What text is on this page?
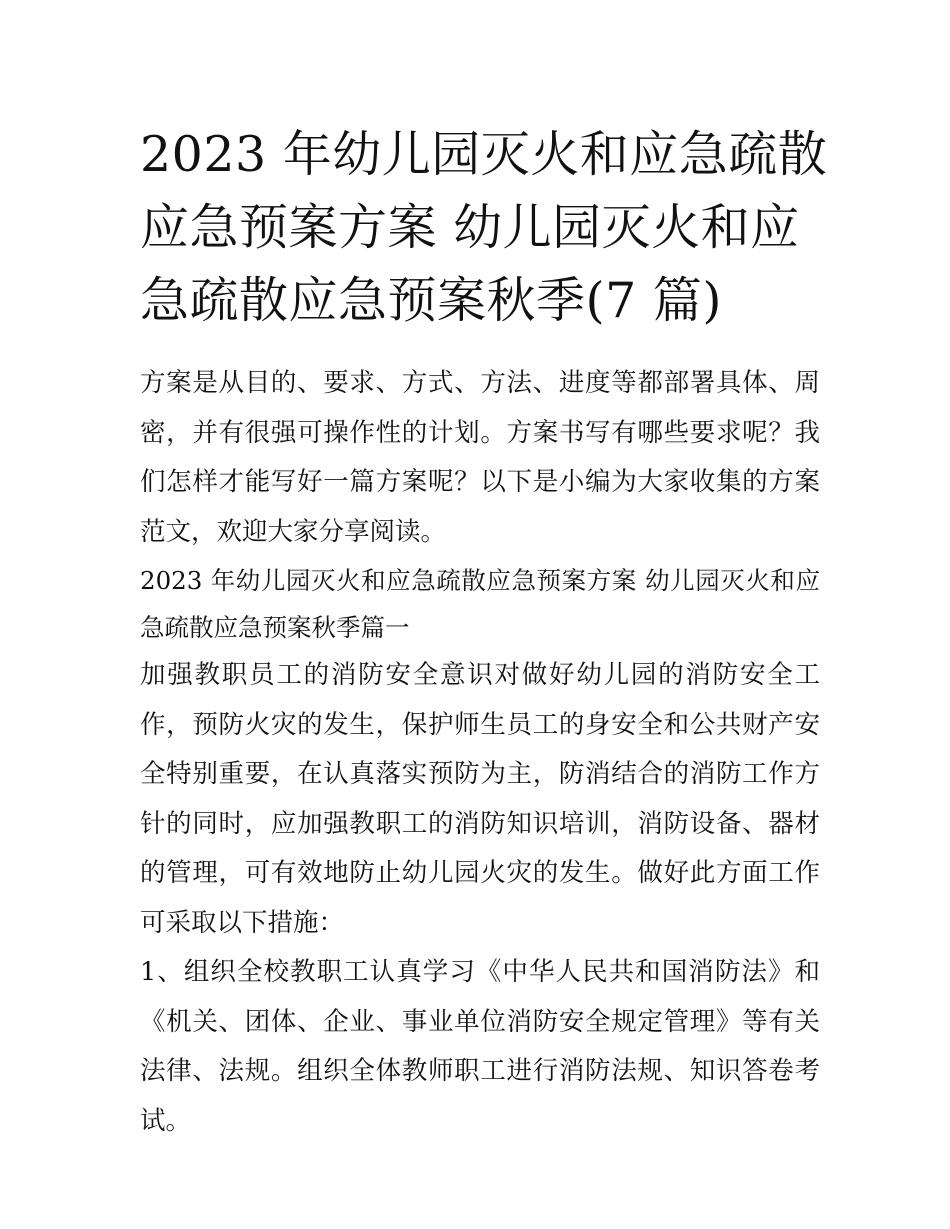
2023 年幼儿园灭火和应急疏散
应急预案方案 幼儿园灭火和应
急疏散应急预案秋季(7 篇)

方案是从目的、要求、方式、方法、进度等都部署具体、周密，并有很强可操作性的计划。方案书写有哪些要求呢？我们怎样才能写好一篇方案呢？以下是小编为大家收集的方案范文，欢迎大家分享阅读。

2023 年幼儿园灭火和应急疏散应急预案方案 幼儿园灭火和应急疏散应急预案秋季篇一

加强教职员工的消防安全意识对做好幼儿园的消防安全工作，预防火灾的发生，保护师生员工的身安全和公共财产安全特别重要，在认真落实预防为主，防消结合的消防工作方针的同时，应加强教职工的消防知识培训，消防设备、器材的管理，可有效地防止幼儿园火灾的发生。做好此方面工作可采取以下措施：

1、组织全校教职工认真学习《中华人民共和国消防法》和《机关、团体、企业、事业单位消防安全规定管理》等有关法律、法规。组织全体教师职工进行消防法规、知识答卷考试。
